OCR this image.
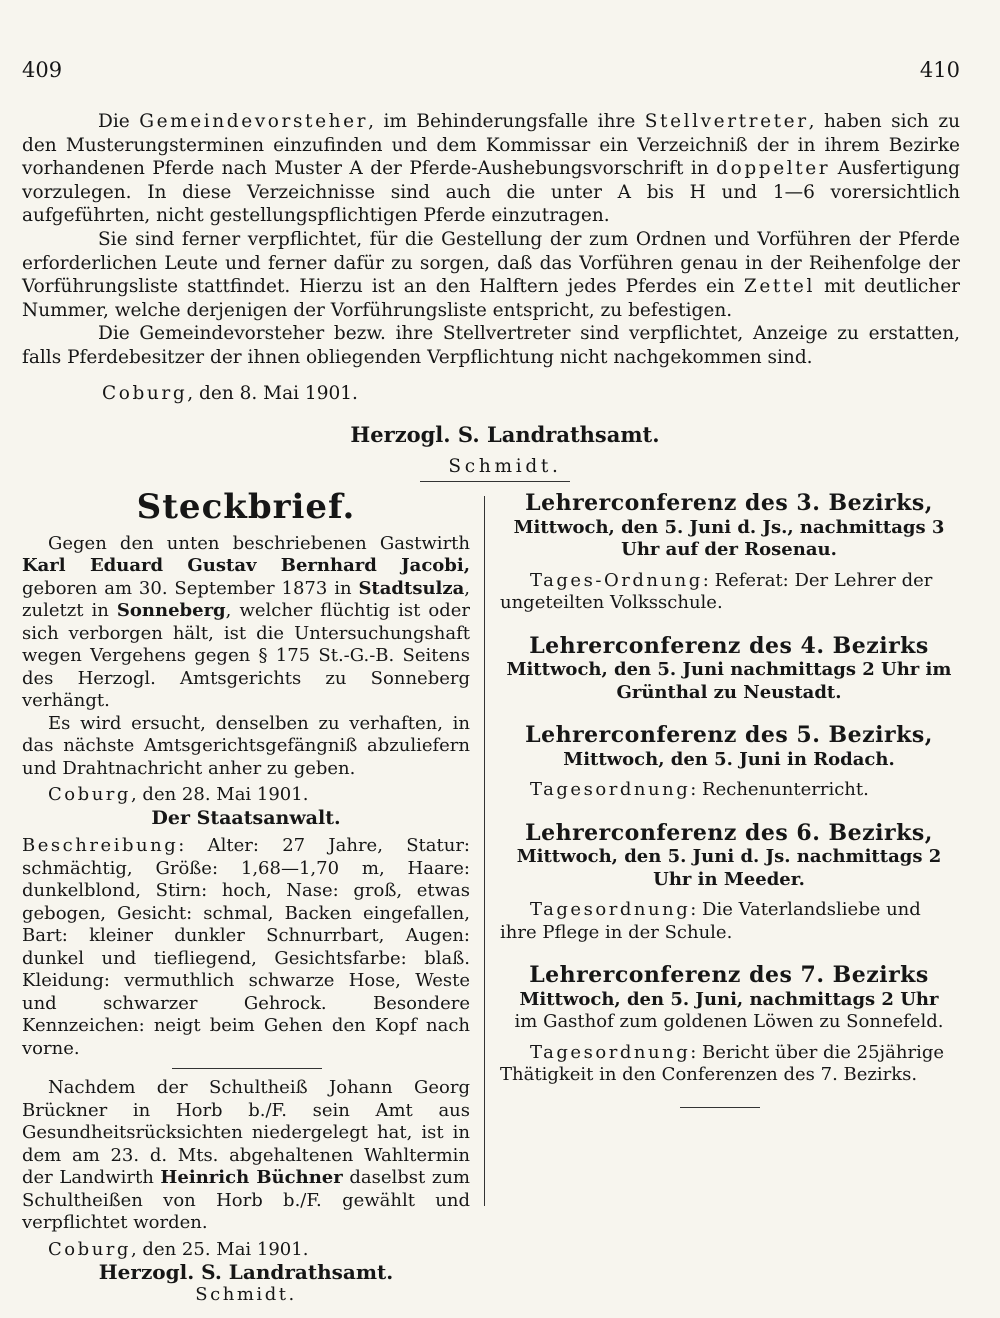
409	410

Die Gemeindevorsteher, im Behinderungsfalle ihre Stellvertreter, haben sich zu den Musterungsterminen einzufinden und dem Kommissar ein Verzeichniß der in ihrem Bezirke vorhandenen Pferde nach Muster A der Pferde-Aushebungsvorschrift in doppelter Ausfertigung vorzulegen. In diese Verzeichnisse sind auch die unter A bis H und 1—6 vorersichtlich aufgeführten, nicht gestellungspflichtigen Pferde einzutragen.

Sie sind ferner verpflichtet, für die Gestellung der zum Ordnen und Vorführen der Pferde erforderlichen Leute und ferner dafür zu sorgen, daß das Vorführen genau in der Reihenfolge der Vorführungsliste stattfindet. Hierzu ist an den Halftern jedes Pferdes ein Zettel mit deutlicher Nummer, welche derjenigen der Vorführungsliste entspricht, zu befestigen.

Die Gemeindevorsteher bezw. ihre Stellvertreter sind verpflichtet, Anzeige zu erstatten, falls Pferdebesitzer der ihnen obliegenden Verpflichtung nicht nachgekommen sind.

Coburg, den 8. Mai 1901.
Herzogl. S. Landrathsamt.
Schmidt.
Steckbrief.

Gegen den unten beschriebenen Gastwirth Karl Eduard Gustav Bernhard Jacobi, geboren am 30. September 1873 in Stadtsulza, zuletzt in Sonneberg, welcher flüchtig ist oder sich verborgen hält, ist die Untersuchungshaft wegen Vergehens gegen § 175 St.-G.-B. Seitens des Herzogl. Amtsgerichts zu Sonneberg verhängt.

Es wird ersucht, denselben zu verhaften, in das nächste Amtsgerichtsgefängniß abzuliefern und Drahtnachricht anher zu geben.

Coburg, den 28. Mai 1901.
Der Staatsanwalt.

Beschreibung: Alter: 27 Jahre, Statur: schmächtig, Größe: 1,68—1,70 m, Haare: dunkelblond, Stirn: hoch, Nase: groß, etwas gebogen, Gesicht: schmal, Backen eingefallen, Bart: kleiner dunkler Schnurrbart, Augen: dunkel und tiefliegend, Gesichtsfarbe: blaß. Kleidung: vermuthlich schwarze Hose, Weste und schwarzer Gehrock. Besondere Kennzeichen: neigt beim Gehen den Kopf nach vorne.

Nachdem der Schultheiß Johann Georg Brückner in Horb b./F. sein Amt aus Gesundheitsrücksichten niedergelegt hat, ist in dem am 23. d. Mts. abgehaltenen Wahltermin der Landwirth Heinrich Büchner daselbst zum Schultheißen von Horb b./F. gewählt und verpflichtet worden.

Coburg, den 25. Mai 1901.
Herzogl. S. Landrathsamt.
Schmidt.
Lehrerconferenz des 3. Bezirks,
Mittwoch, den 5. Juni d. Js., nachmittags 3 Uhr auf der Rosenau.

Tages-Ordnung: Referat: Der Lehrer der ungeteilten Volksschule.

Lehrerconferenz des 4. Bezirks
Mittwoch, den 5. Juni nachmittags 2 Uhr im Grünthal zu Neustadt.
Lehrerconferenz des 5. Bezirks,
Mittwoch, den 5. Juni in Rodach.

Tagesordnung: Rechenunterricht.

Lehrerconferenz des 6. Bezirks,
Mittwoch, den 5. Juni d. Js. nachmittags 2 Uhr in Meeder.

Tagesordnung: Die Vaterlandsliebe und ihre Pflege in der Schule.

Lehrerconferenz des 7. Bezirks
Mittwoch, den 5. Juni, nachmittags 2 Uhr
im Gasthof zum goldenen Löwen zu Sonnefeld.

Tagesordnung: Bericht über die 25jährige Thätigkeit in den Conferenzen des 7. Bezirks.
